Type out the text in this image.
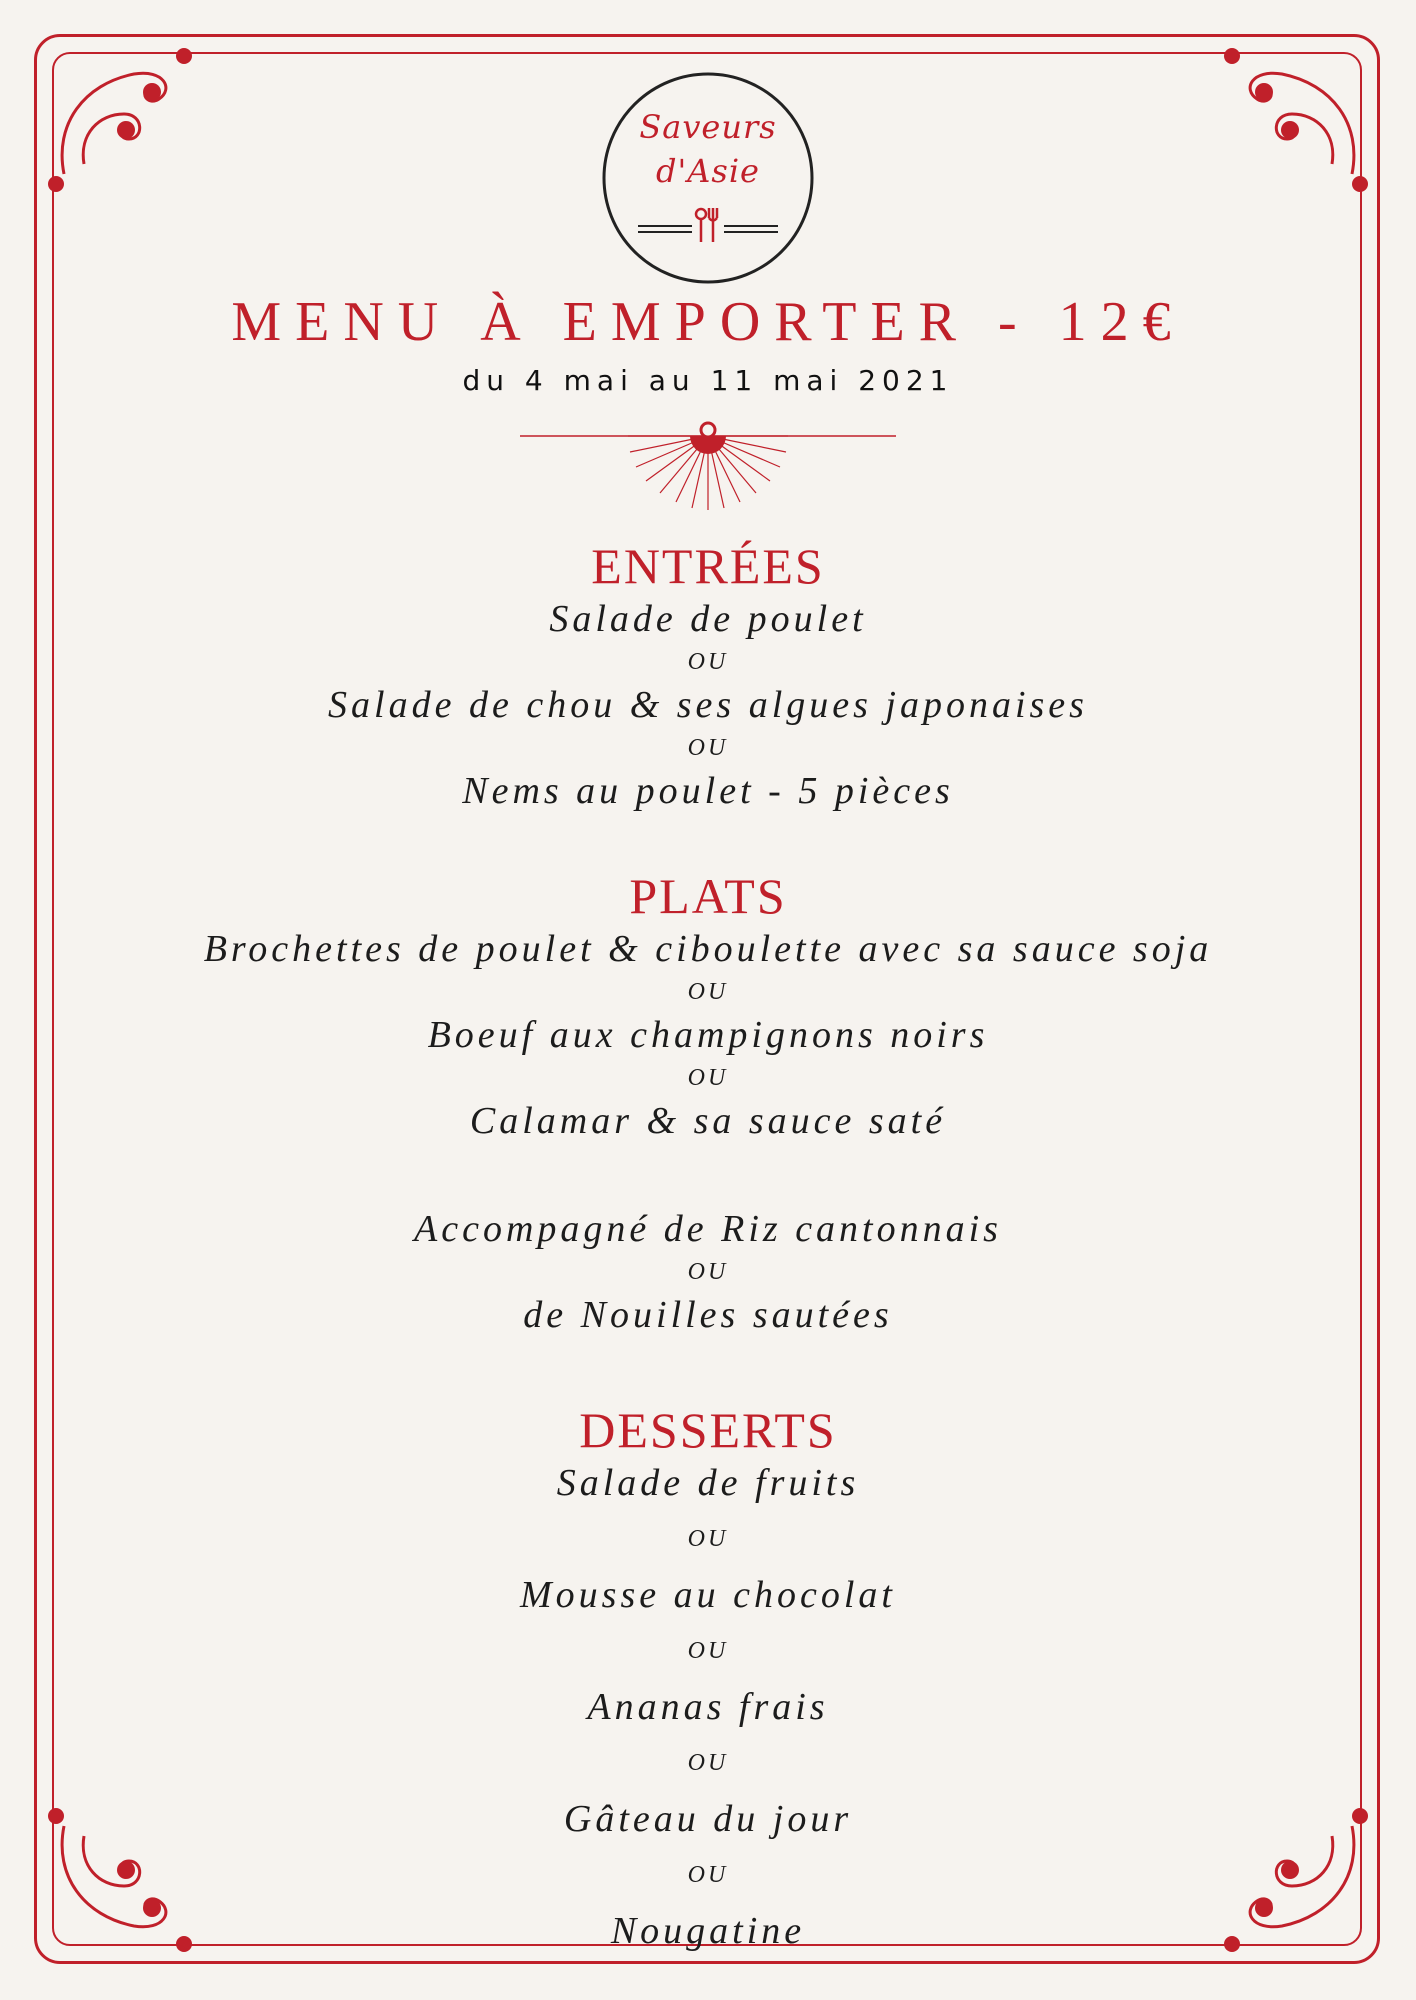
Saveurs
d'Asie
MENU À EMPORTER - 12€
du 4 mai au 11 mai 2021
ENTRÉES
Salade de poulet
OU
Salade de chou & ses algues japonaises
OU
Nems au poulet - 5 pièces
PLATS
Brochettes de poulet & ciboulette avec sa sauce soja
OU
Boeuf aux champignons noirs
OU
Calamar & sa sauce saté
Accompagné de Riz cantonnais
OU
de Nouilles sautées
DESSERTS
Salade de fruits
OU
Mousse au chocolat
OU
Ananas frais
OU
Gâteau du jour
OU
Nougatine
